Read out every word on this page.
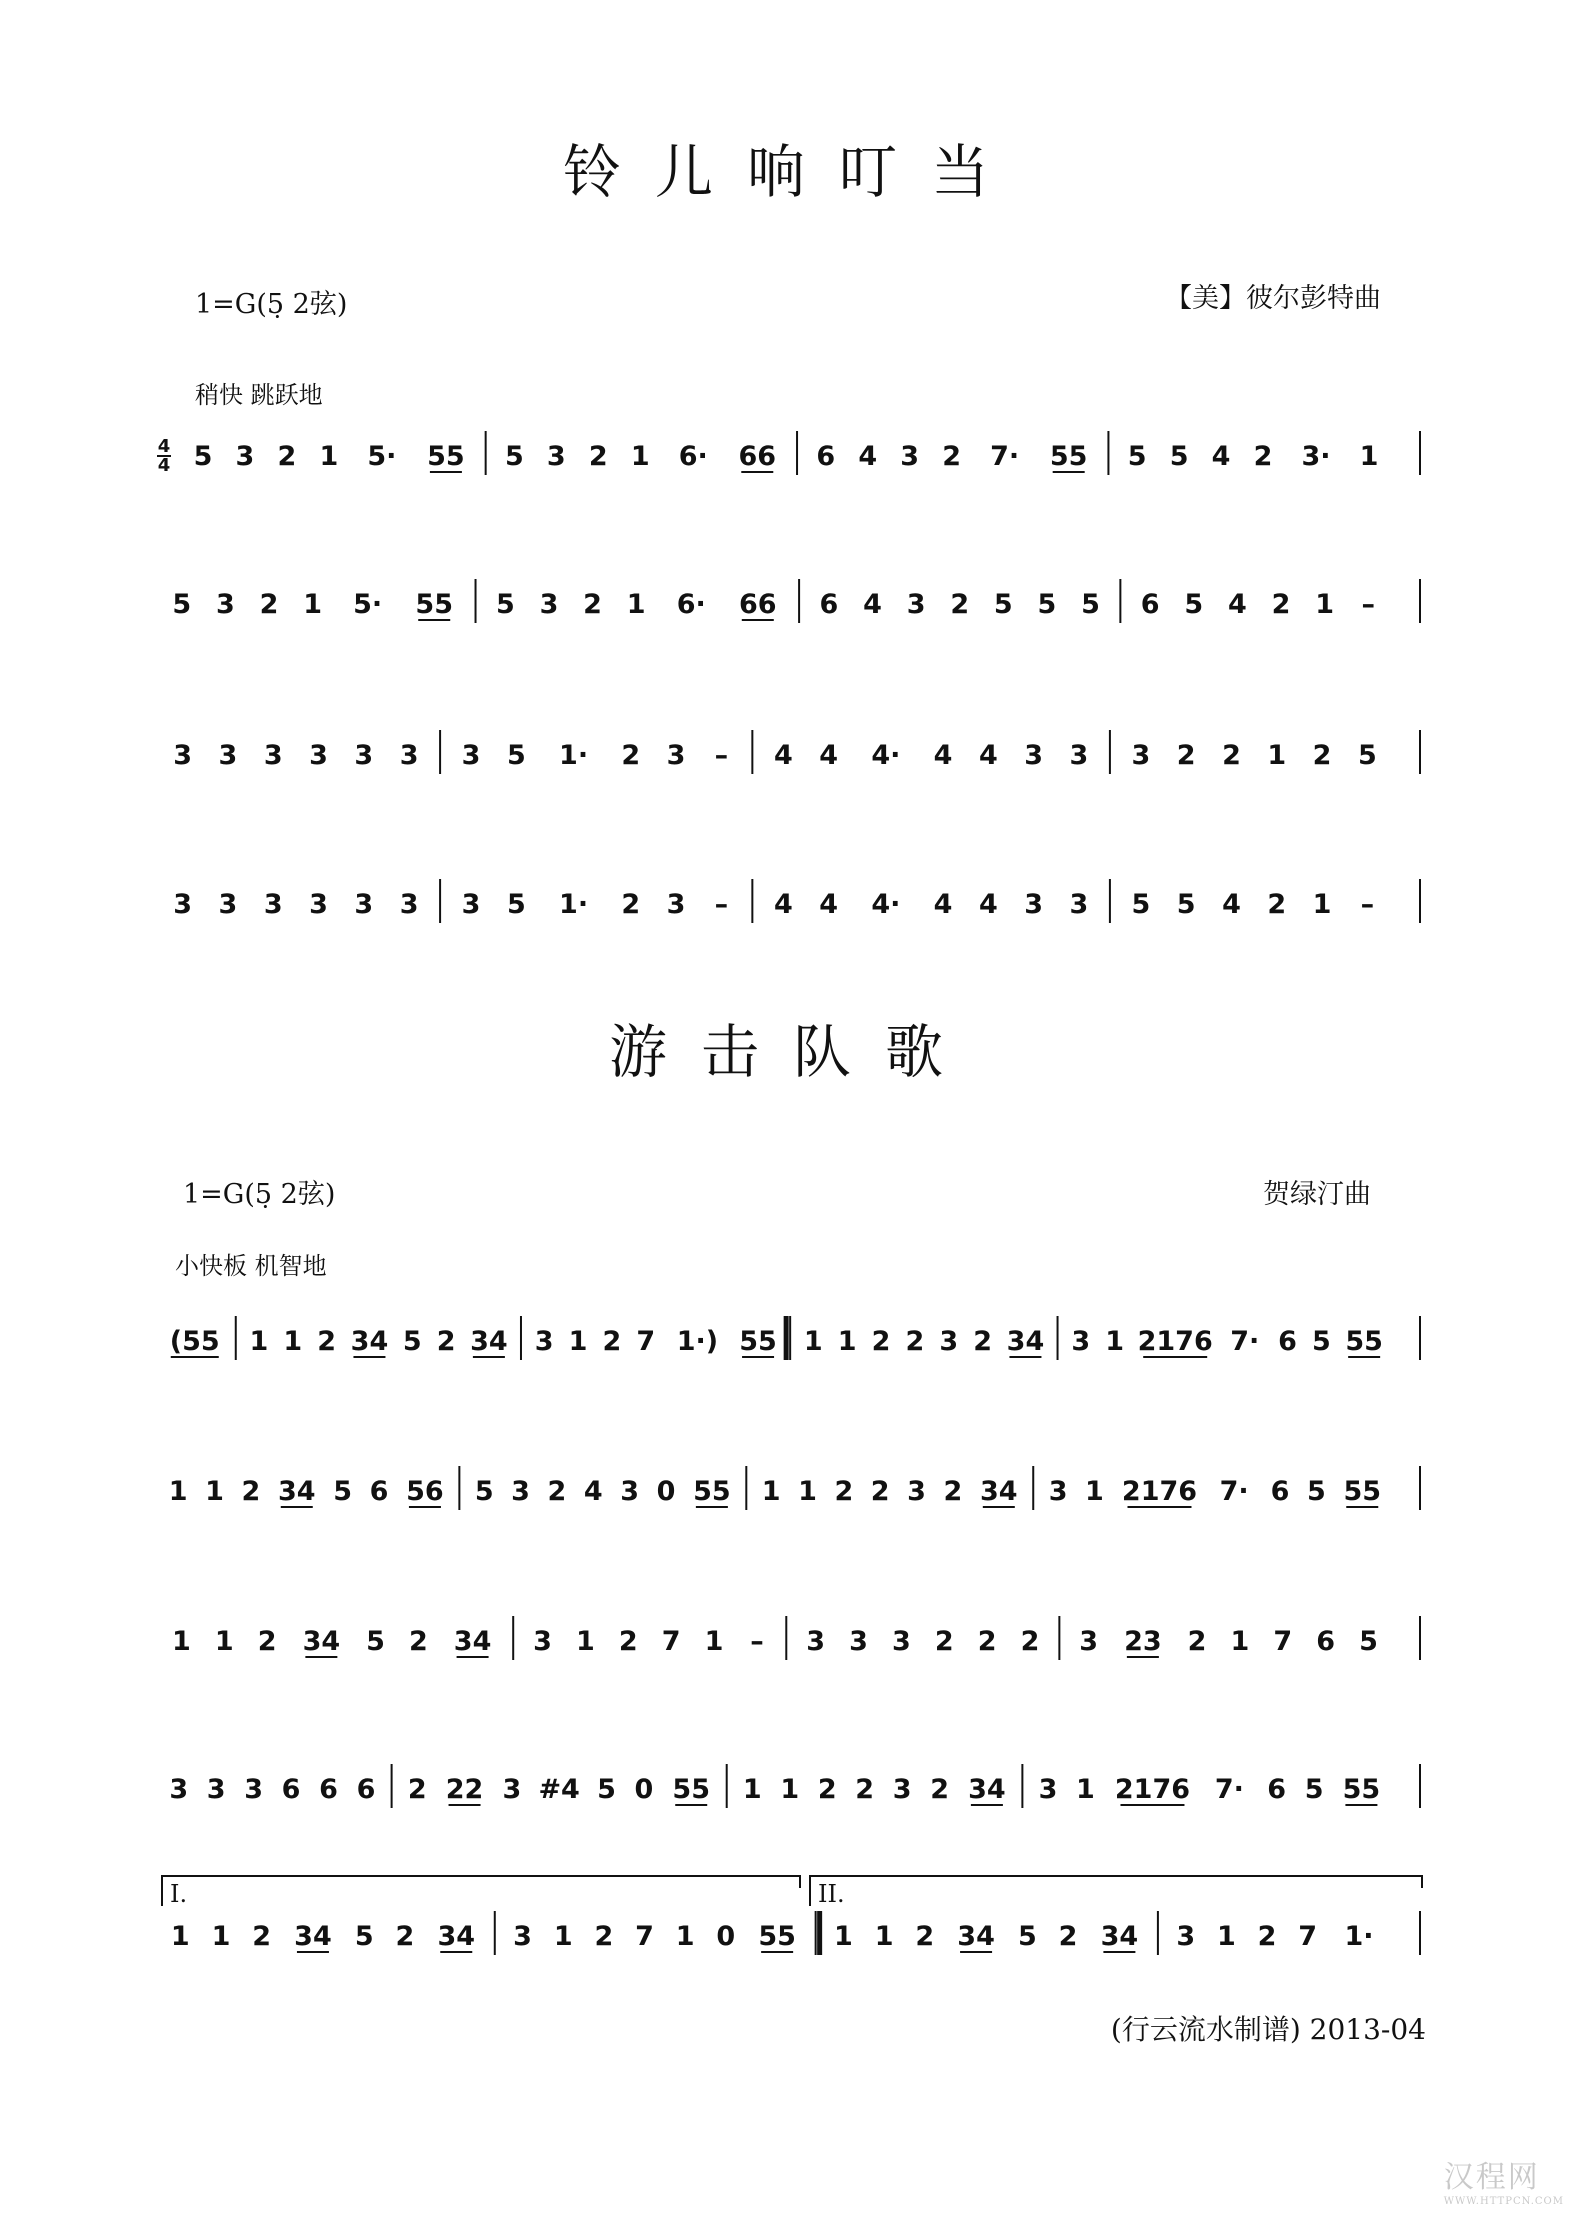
铃儿响叮当
1=G(5̣ 2弦)	【美】彼尔彭特曲
稍快 跳跃地
4
4 5 3 2 1 5· 55 5 3 2 1 6· 66 6 4 3 2 7· 55 5 5 4 2 3· 1
5 3 2 1 5· 55 5 3 2 1 6· 66 6 4 3 2 5 5 5 6 5 4 2 1 –
3 3 3 3 3 3 3 5 1· 2 3 – 4 4 4· 4 4 3 3 3 2 2 1 2 5
3 3 3 3 3 3 3 5 1· 2 3 – 4 4 4· 4 4 3 3 5 5 4 2 1 –
游击队歌
1=G(5̣ 2弦)	贺绿汀曲
小快板 机智地
(55 1 1 2 34 5 2 34 3 1 2 7 1·) 55 1 1 2 2 3 2 34 3 1 2176 7· 6 5 55
1 1 2 34 5 6 56 5 3 2 4 3 0 55 1 1 2 2 3 2 34 3 1 2176 7· 6 5 55
1 1 2 34 5 2 34 3 1 2 7 1 – 3 3 3 2 2 2 3 23 2 1 7 6 5
3 3 3 6 6 6 2 22 3 #4 5 0 55 1 1 2 2 3 2 34 3 1 2176 7· 6 5 55
I.	II.
1 1 2 34 5 2 34 3 1 2 7 1 0 55 1 1 2 34 5 2 34 3 1 2 7 1·
(行云流水制谱) 2013-04
汉程网
WWW.HTTPCN.COM
